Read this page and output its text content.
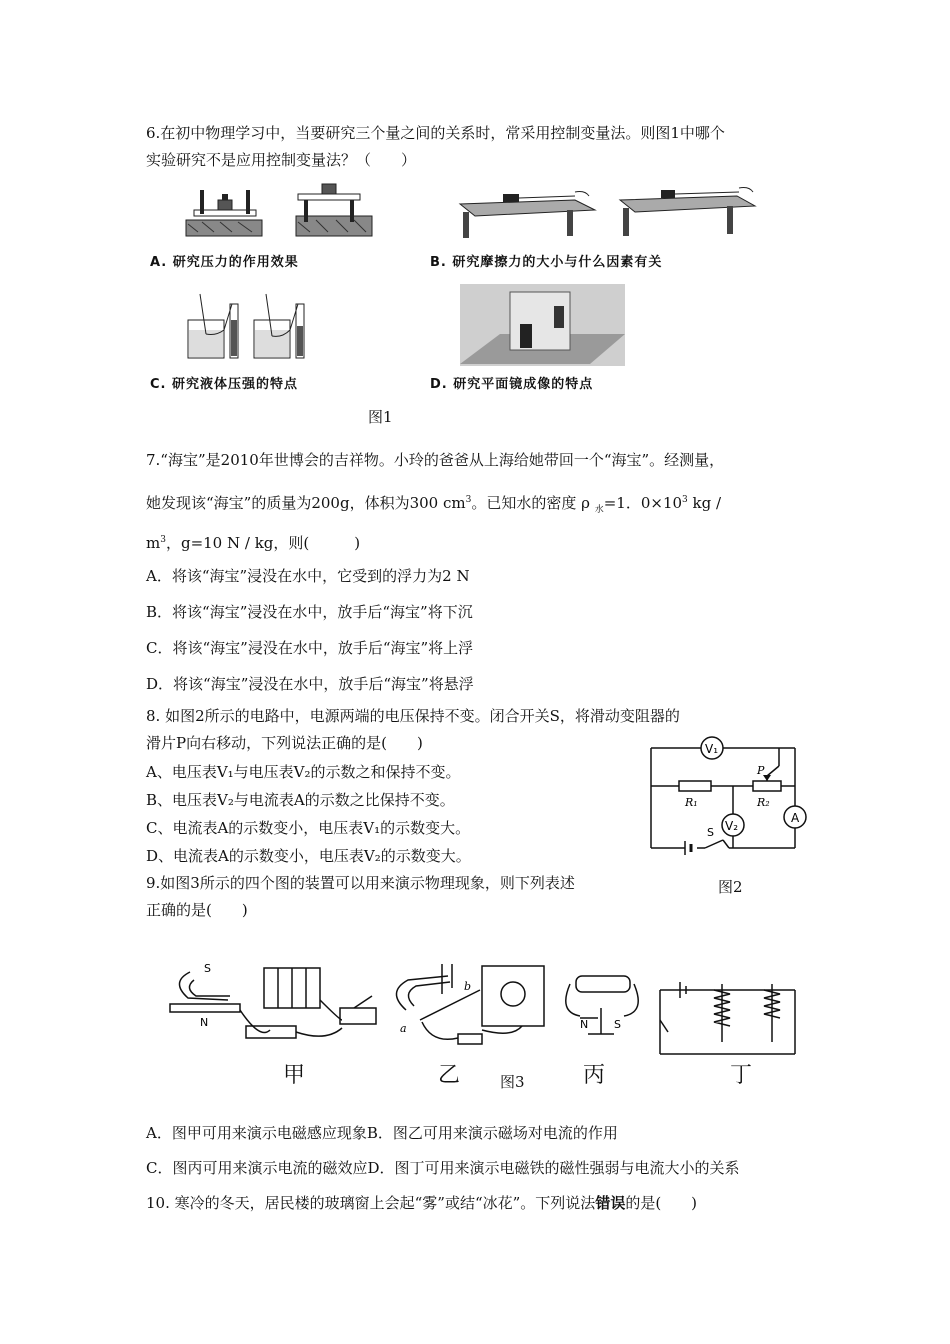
6.在初中物理学习中，当要研究三个量之间的关系时，常采用控制变量法。则图1中哪个
实验研究不是应用控制变量法？（　　）
A. 研究压力的作用效果	B. 研究摩擦力的大小与什么因素有关
C. 研究液体压强的特点	D. 研究平面镜成像的特点
图1
7.“海宝”是2010年世博会的吉祥物。小玲的爸爸从上海给她带回一个“海宝”。经测量，
她发现该“海宝”的质量为200g，体积为300 $cm^3$。已知水的密度 ρ $_水$=1．$0\times 10^3$ kg /
$m^3$，g=10 N / kg，则(　　　)
A．将该“海宝”浸没在水中，它受到的浮力为2 N
B．将该“海宝”浸没在水中，放手后“海宝”将下沉
C．将该“海宝”浸没在水中，放手后“海宝”将上浮
D．将该“海宝”浸没在水中，放手后“海宝”将悬浮
8. 如图2所示的电路中，电源两端的电压保持不变。闭合开关S，将滑动变阻器的
滑片P向右移动，下列说法正确的是(　　)
A、电压表V₁与电压表V₂的示数之和保持不变。
B、电压表V₂与电流表A的示数之比保持不变。
C、电流表A的示数变小，电压表V₁的示数变大。
D、电流表A的示数变小，电压表V₂的示数变大。
V₁
V₂
A
R₁	R₂
P
S
图2
9.如图3所示的四个图的装置可以用来演示物理现象，则下列表述
正确的是(　　)
S
N	N S
a
b
甲	乙	图3	丙	丁
A．图甲可用来演示电磁感应现象B．图乙可用来演示磁场对电流的作用
C．图丙可用来演示电流的磁效应D．图丁可用来演示电磁铁的磁性强弱与电流大小的关系
10. 寒冷的冬天，居民楼的玻璃窗上会起“雾”或结“冰花”。下列说法错误的是(　　)
